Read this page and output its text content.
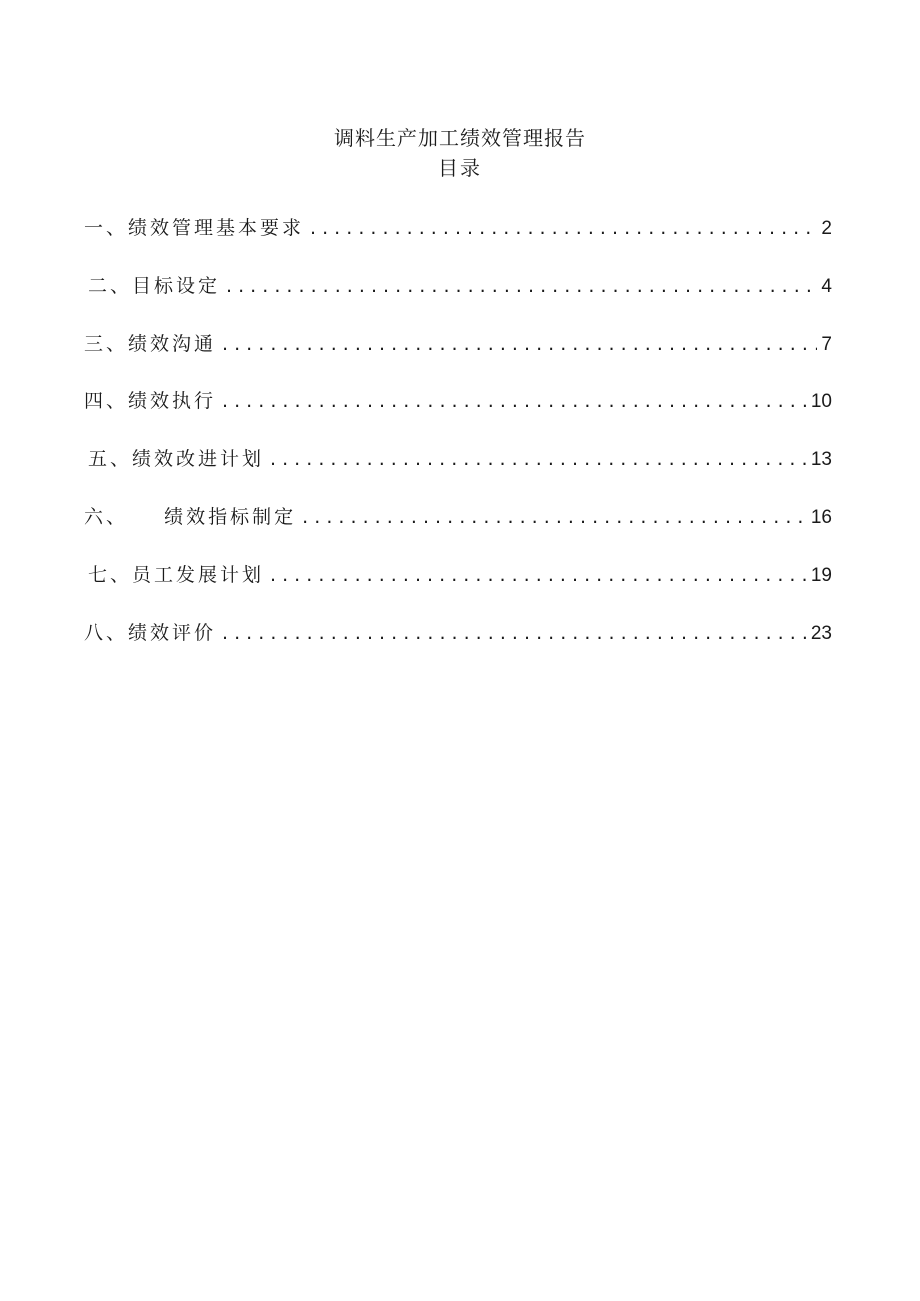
调料生产加工绩效管理报告
目录
一、绩效管理基本要求 . . .	2
二、目标设定 . . .	4
三、绩效沟通 . . .	7
四、绩效执行 . . .	10
五、绩效改进计划 . . .	13
六、    绩效指标制定 . . .	16
七、员工发展计划 . . .	19
八、绩效评价 . . .	23
